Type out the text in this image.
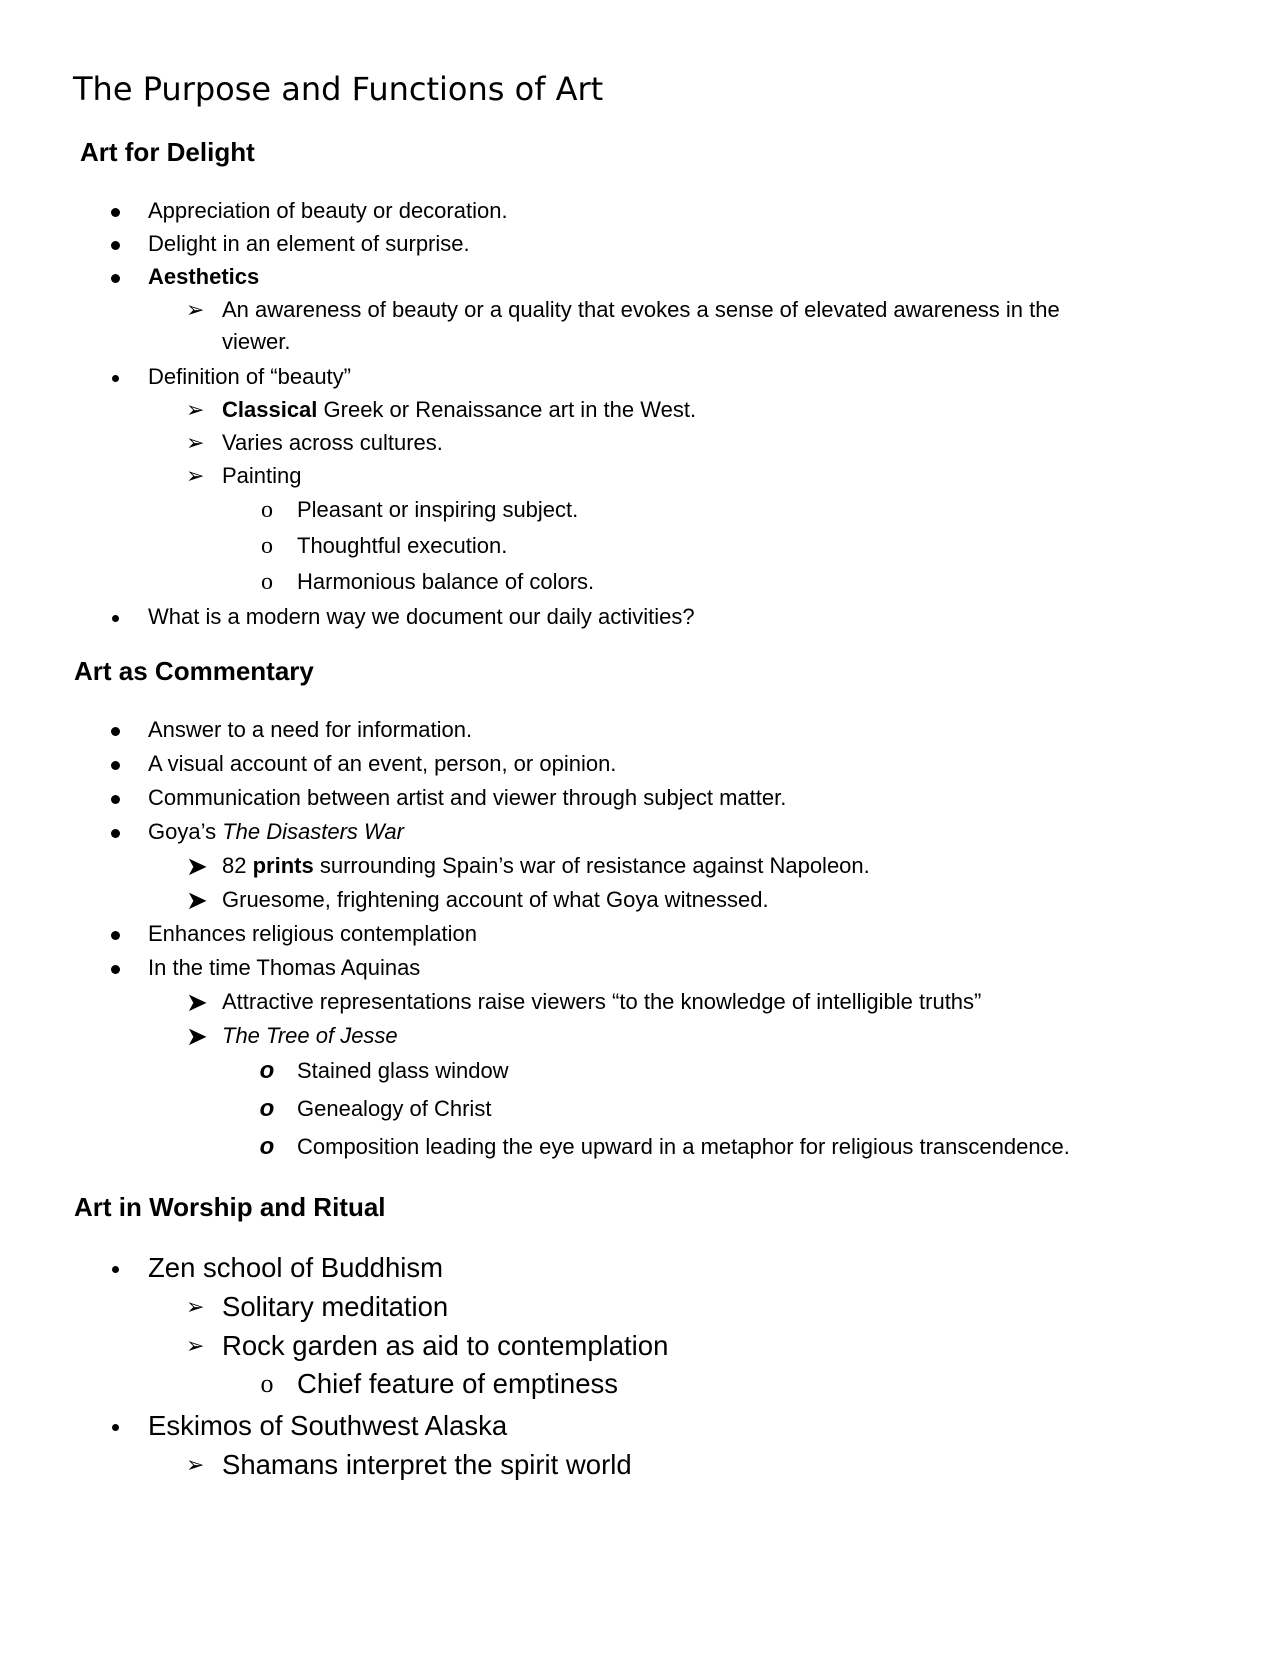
The Purpose and Functions of Art
Art for Delight
Appreciation of beauty or decoration.
Delight in an element of surprise.
Aesthetics
➢ An awareness of beauty or a quality that evokes a sense of elevated awareness in the
viewer.
Definition of “beauty”
➢ Classical Greek or Renaissance art in the West.
➢ Varies across cultures.
➢ Painting
o Pleasant or inspiring subject.
o Thoughtful execution.
o Harmonious balance of colors.
What is a modern way we document our daily activities?
Art as Commentary
Answer to a need for information.
A visual account of an event, person, or opinion.
Communication between artist and viewer through subject matter.
Goya’s The Disasters War
➤ 82 prints surrounding Spain’s war of resistance against Napoleon.
➤ Gruesome, frightening account of what Goya witnessed.
Enhances religious contemplation
In the time Thomas Aquinas
➤ Attractive representations raise viewers “to the knowledge of intelligible truths”
➤ The Tree of Jesse
o Stained glass window
o Genealogy of Christ
o Composition leading the eye upward in a metaphor for religious transcendence.
Art in Worship and Ritual
Zen school of Buddhism
➢ Solitary meditation
➢ Rock garden as aid to contemplation
o Chief feature of emptiness
Eskimos of Southwest Alaska
➢ Shamans interpret the spirit world
